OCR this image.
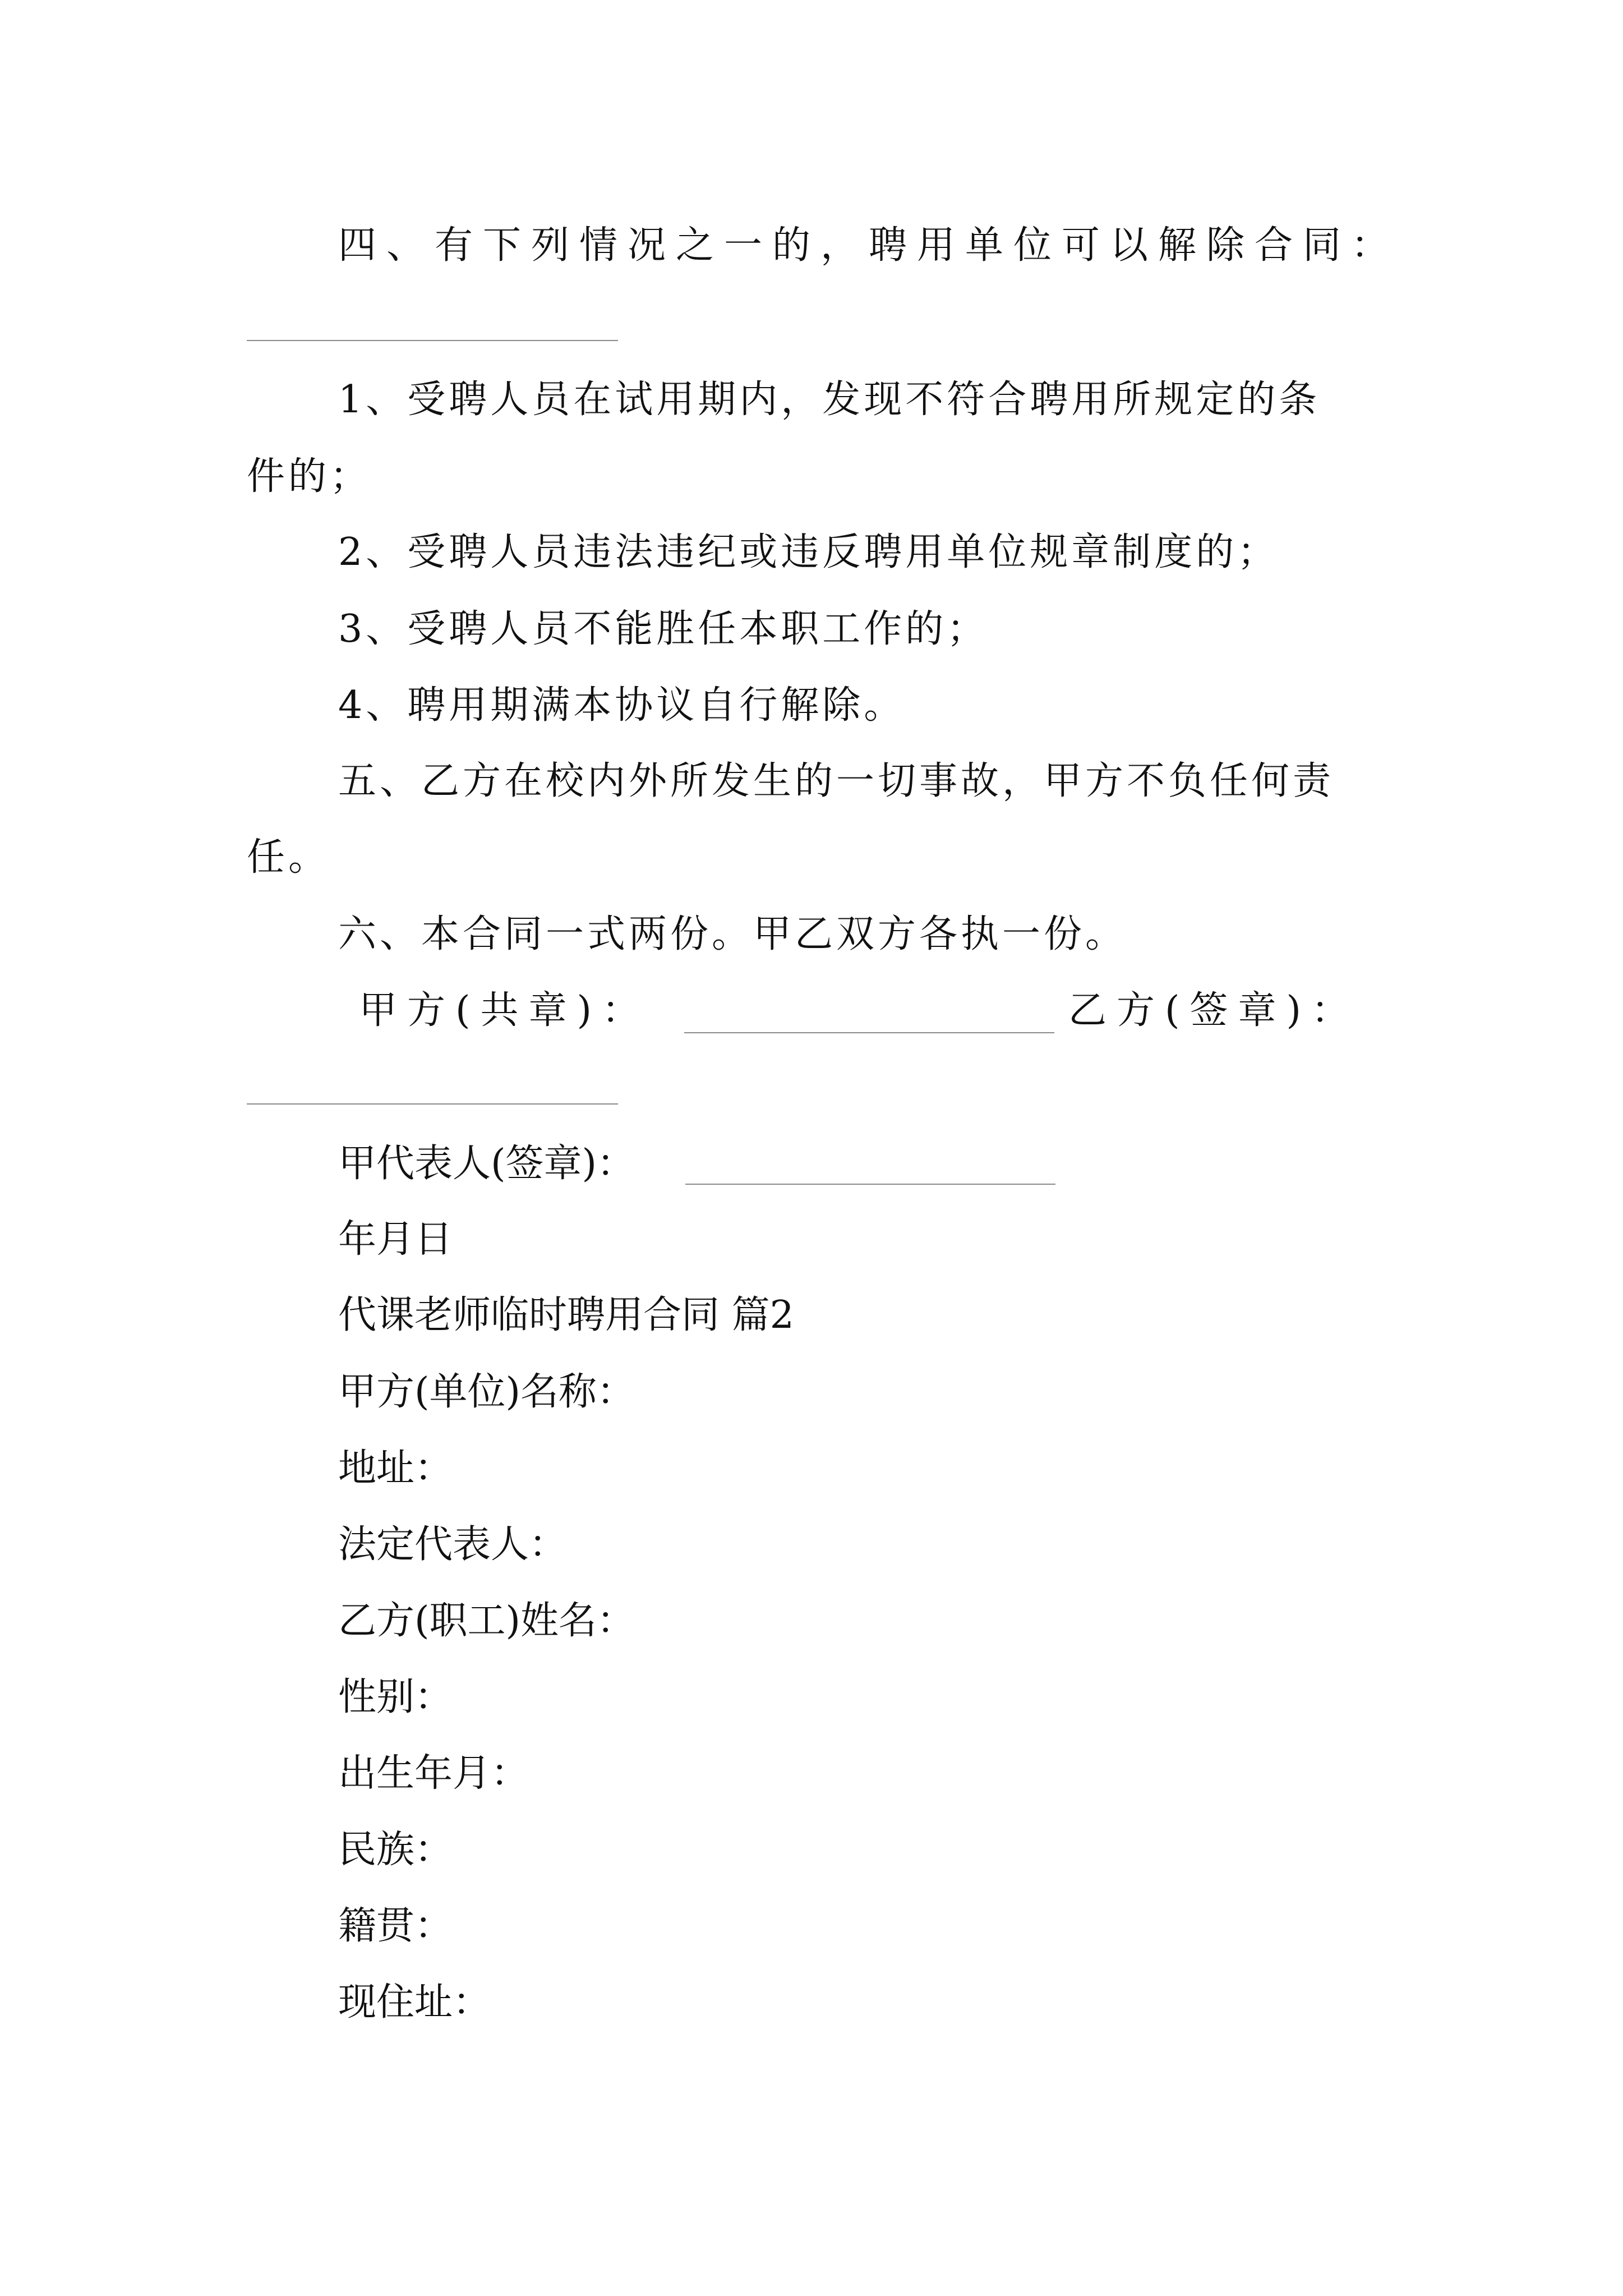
四、有下列情况之一的，聘用单位可以解除合同：
1、受聘人员在试用期内，发现不符合聘用所规定的条
件的；
2、受聘人员违法违纪或违反聘用单位规章制度的；
3、受聘人员不能胜任本职工作的；
4、聘用期满本协议自行解除。
五、乙方在校内外所发生的一切事故，甲方不负任何责
任。
六、本合同一式两份。甲乙双方各执一份。
甲方(共章)：	乙方(签章)：
甲代表人(签章)：
年月日
代课老师临时聘用合同 篇2
甲方(单位)名称：
地址：
法定代表人：
乙方(职工)姓名：
性别：
出生年月：
民族：
籍贯：
现住址：
